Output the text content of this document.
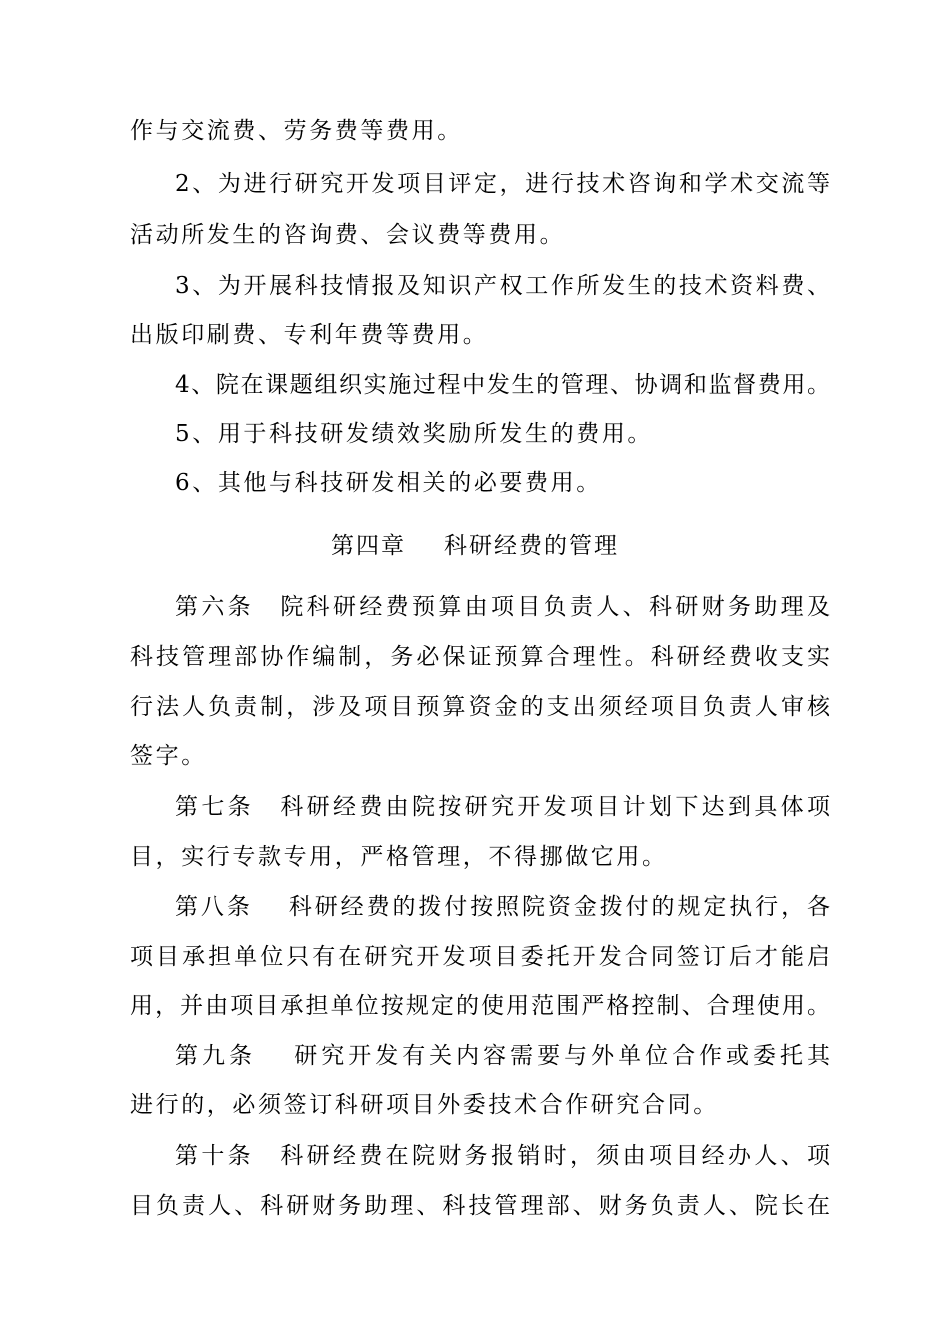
作与交流费、劳务费等费用。
2、为进行研究开发项目评定，进行技术咨询和学术交流等
活动所发生的咨询费、会议费等费用。
3、为开展科技情报及知识产权工作所发生的技术资料费、
出版印刷费、专利年费等费用。
4、院在课题组织实施过程中发生的管理、协调和监督费用。
5、用于科技研发绩效奖励所发生的费用。
6、其他与科技研发相关的必要费用。
第四章 科研经费的管理
第六条　院科研经费预算由项目负责人、科研财务助理及
科技管理部协作编制，务必保证预算合理性。科研经费收支实
行法人负责制，涉及项目预算资金的支出须经项目负责人审核
签字。
第七条　科研经费由院按研究开发项目计划下达到具体项
目，实行专款专用，严格管理，不得挪做它用。
第八条　 科研经费的拨付按照院资金拨付的规定执行，各
项目承担单位只有在研究开发项目委托开发合同签订后才能启
用，并由项目承担单位按规定的使用范围严格控制、合理使用。
第九条　 研究开发有关内容需要与外单位合作或委托其
进行的，必须签订科研项目外委技术合作研究合同。
第十条　科研经费在院财务报销时，须由项目经办人、项
目负责人、科研财务助理、科技管理部、财务负责人、院长在
